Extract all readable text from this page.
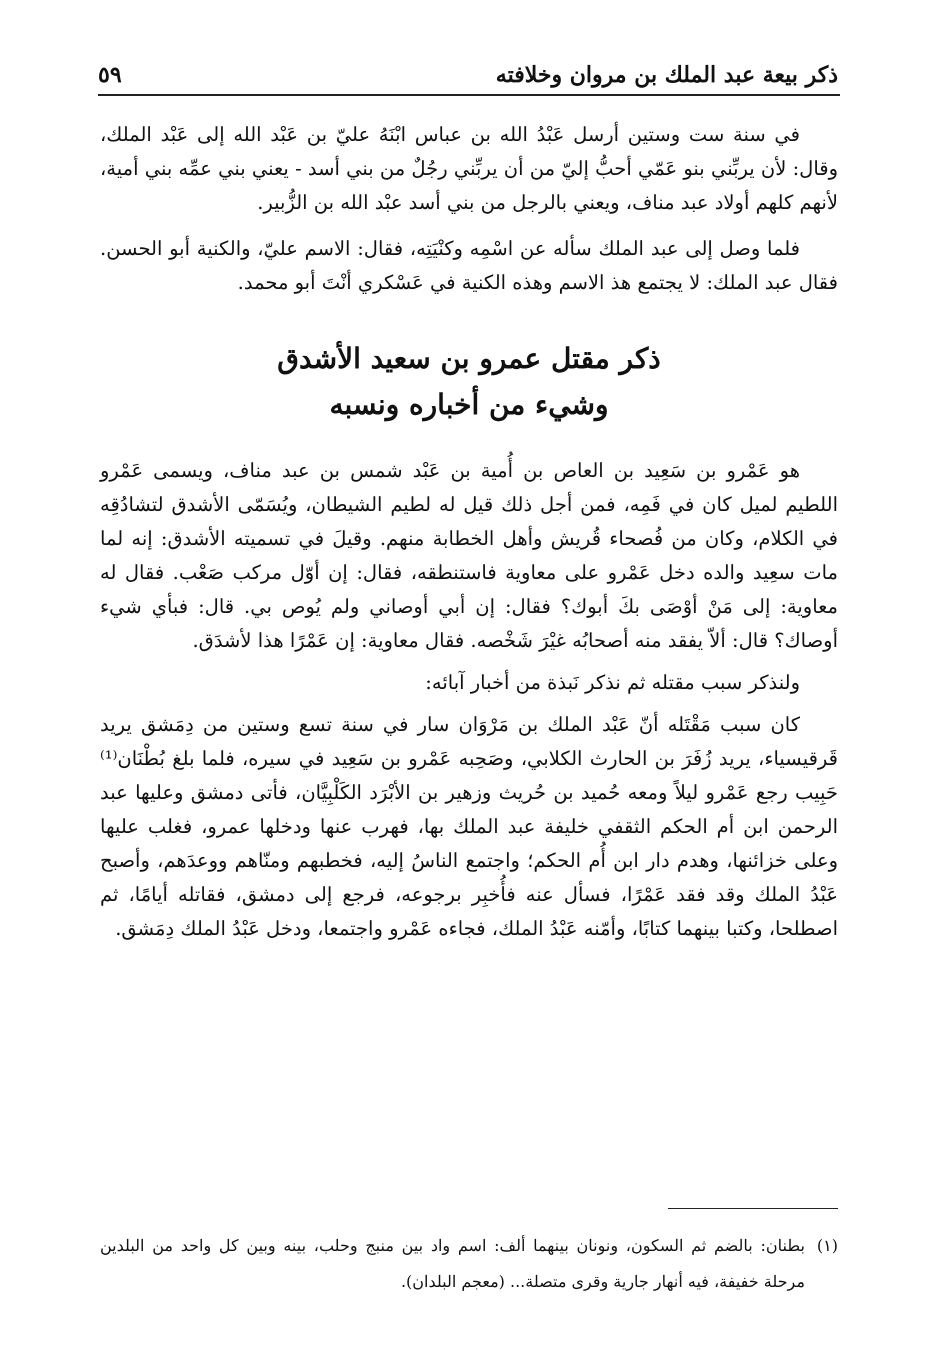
ذكر بيعة عبد الملك بن مروان وخلافته
٥٩

في سنة ست وستين أرسل عَبْدُ الله بن عباس ابْنَهُ عليّ بن عَبْد الله إلى عَبْد الملك، وقال: لأن يربِّني بنو عَمّي أحبُّ إليّ من أن يربِّني رجُلٌ من بني أسد - يعني بني عمِّه بني أمية، لأنهم كلهم أولاد عبد مناف، ويعني بالرجل من بني أسد عبْد الله بن الزُّبير.

فلما وصل إلى عبد الملك سأله عن اسْمِه وكنْيَتِه، فقال: الاسم عليّ، والكنية أبو الحسن. فقال عبد الملك: لا يجتمع هذ الاسم وهذه الكنية في عَسْكري أنْتَ أبو محمد.

ذكر مقتل عمرو بن سعيد الأشدق
وشيء من أخباره ونسبه

هو عَمْرو بن سَعِيد بن العاص بن أُمية بن عَبْد شمس بن عبد مناف، ويسمى عَمْرو اللطيم لميل كان في فَمِه، فمن أجل ذلك قيل له لطيم الشيطان، ويُسَمّى الأشدق لتشادُقِه في الكلام، وكان من فُصحاء قُريش وأهل الخطابة منهم. وقيلَ في تسميته الأشدق: إنه لما مات سعِيد والده دخل عَمْرو على معاوية فاستنطقه، فقال: إن أوّل مركب صَعْب. فقال له معاوية: إلى مَنْ أوْصَى بكَ أبوك؟ فقال: إن أبي أوصاني ولم يُوص بي. قال: فبأي شيء أوصاك؟ قال: ألاّ يفقد منه أصحابُه غيْرَ شَخْصه. فقال معاوية: إن عَمْرًا هذا لأشدَق.

ولنذكر سبب مقتله ثم نذكر نَبذة من أخبار آبائه:

كان سبب مَقْتَله أنّ عَبْد الملك بن مَرْوَان سار في سنة تسع وستين من دِمَشق يريد قَرقيسياء، يريد زُفَرَ بن الحارث الكلابي، وصَحِبه عَمْرو بن سَعِيد في سيره، فلما بلغ بُطْنَان⁽¹⁾ حَبِيب رجع عَمْرو ليلاً ومعه حُميد بن حُريث وزهير بن الأبْرَد الكَلْبِيَّان، فأتى دمشق وعليها عبد الرحمن ابن أم الحكم الثقفي خليفة عبد الملك بها، فهرب عنها ودخلها عمرو، فغلب عليها وعلى خزائنها، وهدم دار ابن أُم الحكم؛ واجتمع الناسُ إليه، فخطبهم ومنّاهم ووعدَهم، وأصبح عَبْدُ الملك وقد فقد عَمْرًا، فسأل عنه فأُخبِر برجوعه، فرجع إلى دمشق، فقاتله أيامًا، ثم اصطلحا، وكتبا بينهما كتابًا، وأمّنه عَبْدُ الملك، فجاءه عَمْرو واجتمعا، ودخل عَبْدُ الملك دِمَشق.

(١)
بطنان: بالضم ثم السكون، ونونان بينهما ألف: اسم واد بين منبج وحلب، بينه وبين كل واحد من البلدين مرحلة خفيفة، فيه أنهار جارية وقرى متصلة... (معجم البلدان).
